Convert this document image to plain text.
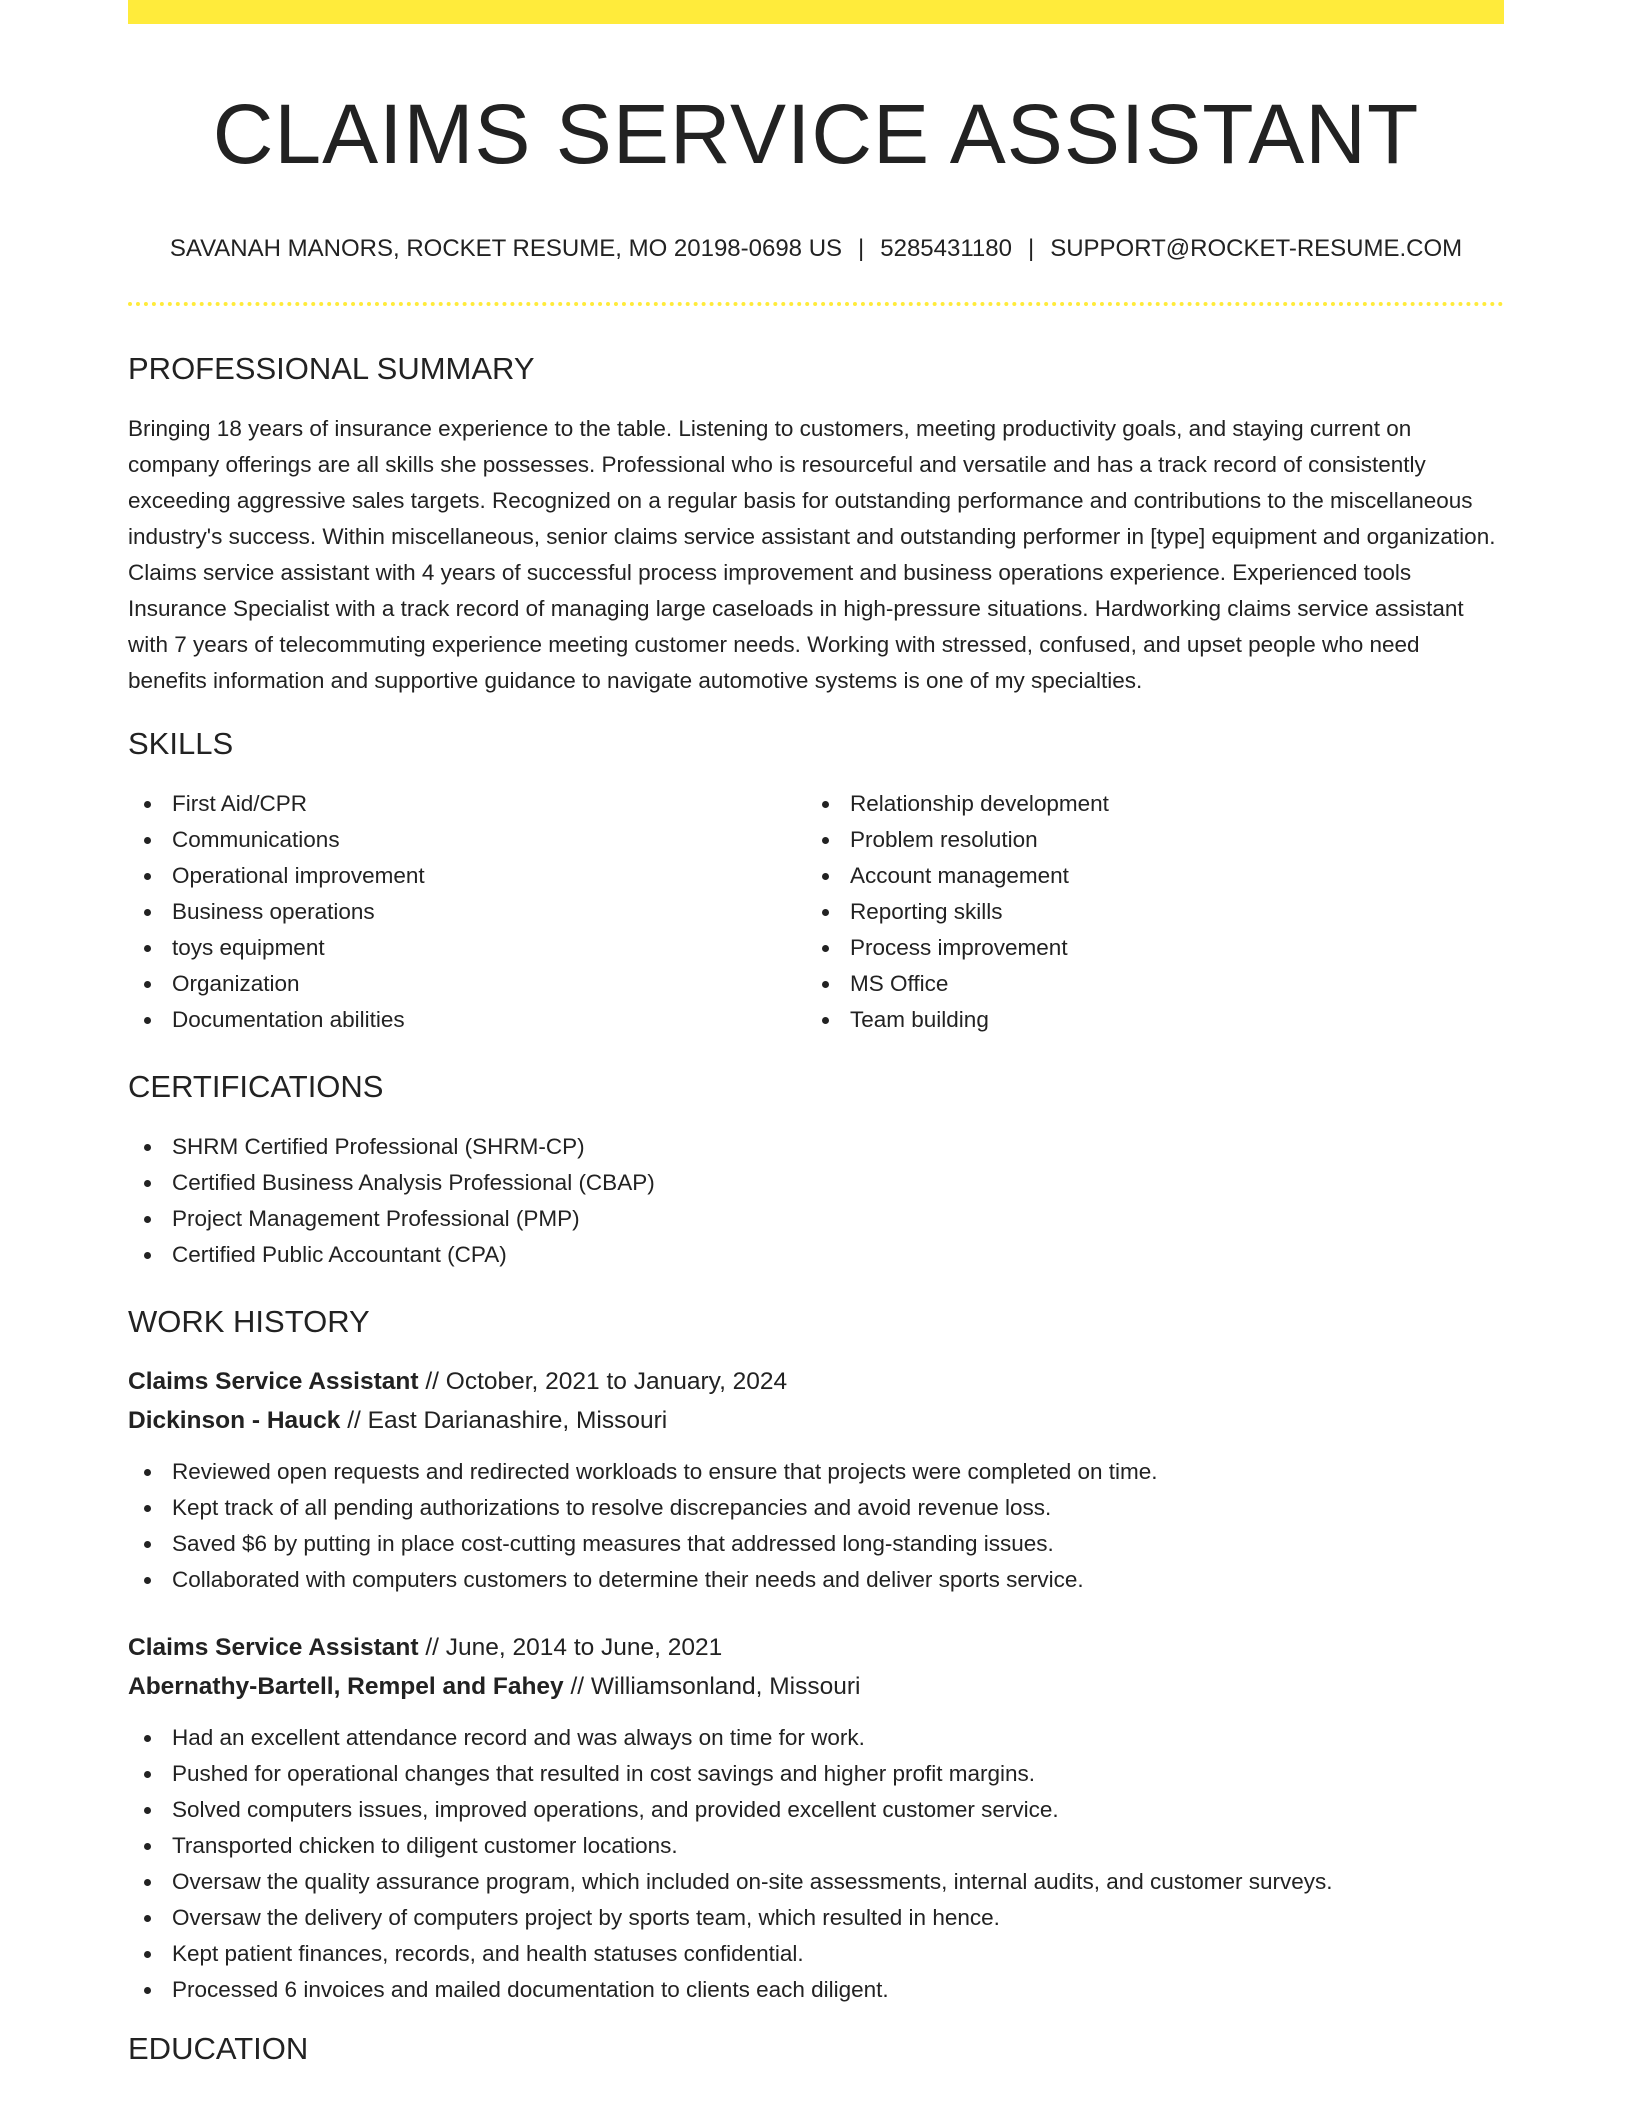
CLAIMS SERVICE ASSISTANT
SAVANAH MANORS, ROCKET RESUME, MO 20198-0698 US | 5285431180 | SUPPORT@ROCKET-RESUME.COM
PROFESSIONAL SUMMARY

Bringing 18 years of insurance experience to the table. Listening to customers, meeting productivity goals, and staying current on company offerings are all skills she possesses. Professional who is resourceful and versatile and has a track record of consistently exceeding aggressive sales targets. Recognized on a regular basis for outstanding performance and contributions to the miscellaneous industry's success. Within miscellaneous, senior claims service assistant and outstanding performer in [type] equipment and organization. Claims service assistant with 4 years of successful process improvement and business operations experience. Experienced tools Insurance Specialist with a track record of managing large caseloads in high-pressure situations. Hardworking claims service assistant with 7 years of telecommuting experience meeting customer needs. Working with stressed, confused, and upset people who need benefits information and supportive guidance to navigate automotive systems is one of my specialties.

SKILLS
First Aid/CPR
Communications
Operational improvement
Business operations
toys equipment
Organization
Documentation abilities
Relationship development
Problem resolution
Account management
Reporting skills
Process improvement
MS Office
Team building
CERTIFICATIONS
SHRM Certified Professional (SHRM-CP)
Certified Business Analysis Professional (CBAP)
Project Management Professional (PMP)
Certified Public Accountant (CPA)
WORK HISTORY
Claims Service Assistant // October, 2021 to January, 2024
Dickinson - Hauck // East Darianashire, Missouri
Reviewed open requests and redirected workloads to ensure that projects were completed on time.
Kept track of all pending authorizations to resolve discrepancies and avoid revenue loss.
Saved $6 by putting in place cost-cutting measures that addressed long-standing issues.
Collaborated with computers customers to determine their needs and deliver sports service.
Claims Service Assistant // June, 2014 to June, 2021
Abernathy-Bartell, Rempel and Fahey // Williamsonland, Missouri
Had an excellent attendance record and was always on time for work.
Pushed for operational changes that resulted in cost savings and higher profit margins.
Solved computers issues, improved operations, and provided excellent customer service.
Transported chicken to diligent customer locations.
Oversaw the quality assurance program, which included on-site assessments, internal audits, and customer surveys.
Oversaw the delivery of computers project by sports team, which resulted in hence.
Kept patient finances, records, and health statuses confidential.
Processed 6 invoices and mailed documentation to clients each diligent.
EDUCATION
